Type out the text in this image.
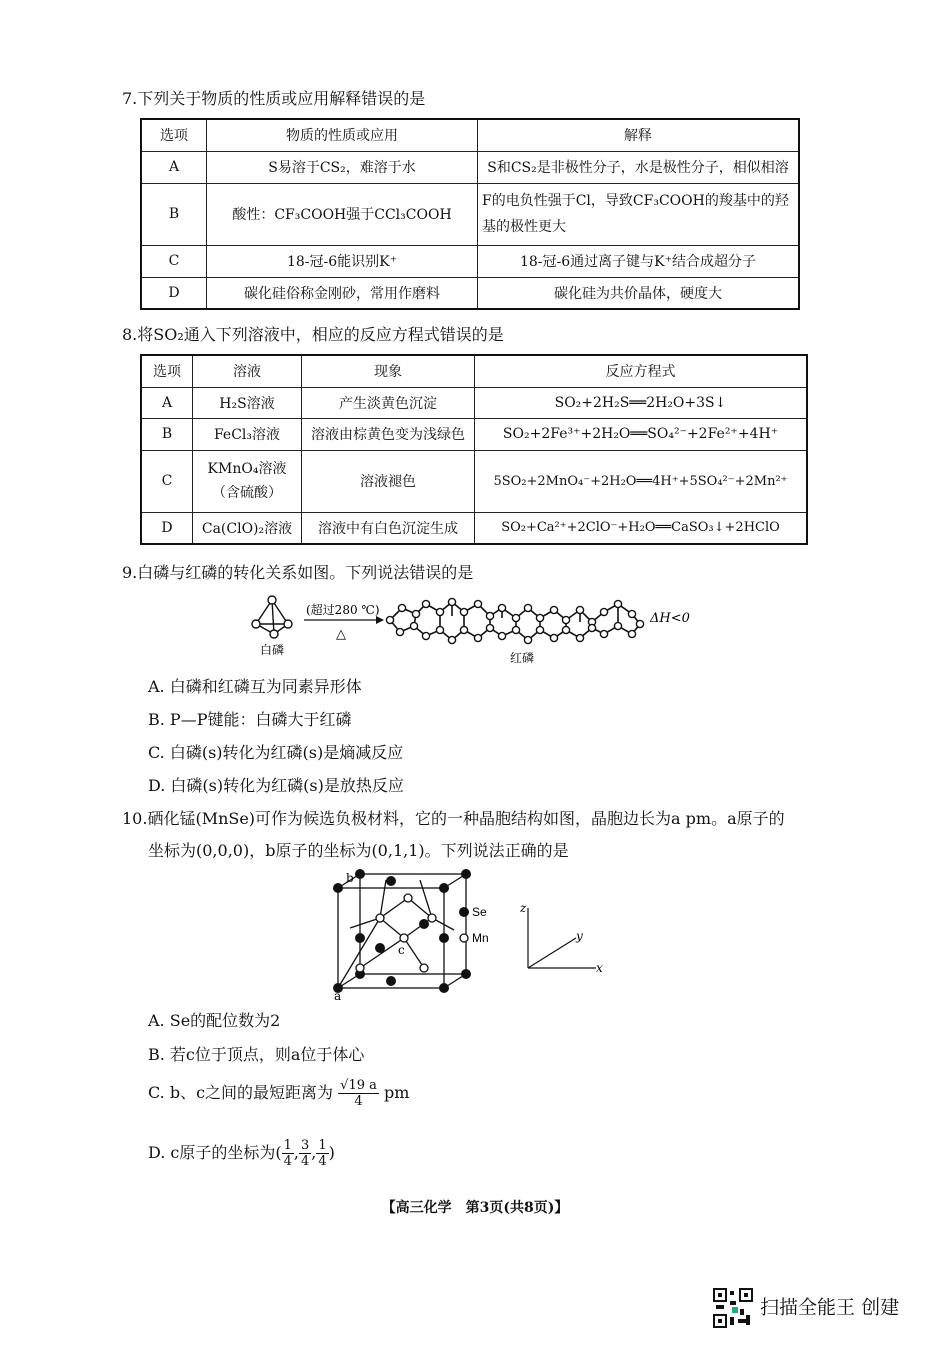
7.下列关于物质的性质或应用解释错误的是
选项	物质的性质或应用	解释
A	S易溶于CS₂，难溶于水	S和CS₂是非极性分子，水是极性分子，相似相溶
B	酸性：CF₃COOH强于CCl₃COOH	F的电负性强于Cl，导致CF₃COOH的羧基中的羟基的极性更大
C	18-冠-6能识别K⁺	18-冠-6通过离子键与K⁺结合成超分子
D	碳化硅俗称金刚砂，常用作磨料	碳化硅为共价晶体，硬度大
8.将SO₂通入下列溶液中，相应的反应方程式错误的是
选项	溶液	现象	反应方程式
A	H₂S溶液	产生淡黄色沉淀	SO₂+2H₂S══2H₂O+3S↓
B	FeCl₃溶液	溶液由棕黄色变为浅绿色	SO₂+2Fe³⁺+2H₂O══SO₄²⁻+2Fe²⁺+4H⁺
C	KMnO₄溶液（含硫酸）	溶液褪色	5SO₂+2MnO₄⁻+2H₂O══4H⁺+5SO₄²⁻+2Mn²⁺
D	Ca(ClO)₂溶液	溶液中有白色沉淀生成	SO₂+Ca²⁺+2ClO⁻+H₂O══CaSO₃↓+2HClO
9.白磷与红磷的转化关系如图。下列说法错误的是
白磷
(超过280 ℃)
△
红磷
ΔH<0
A. 白磷和红磷互为同素异形体
B. P—P键能：白磷大于红磷
C. 白磷(s)转化为红磷(s)是熵减反应
D. 白磷(s)转化为红磷(s)是放热反应
10.硒化锰(MnSe)可作为候选负极材料，它的一种晶胞结构如图，晶胞边长为a pm。a原子的
坐标为(0,0,0)，b原子的坐标为(0,1,1)。下列说法正确的是
b
a
c
Se
Mn
z
y
x
A. Se的配位数为2
B. 若c位于顶点，则a位于体心
C. b、c之间的最短距离为 $\frac{√19 a}{4}$ pm
D. c原子的坐标为( $\frac{1}{4}$ , $\frac{3}{4}$ , $\frac{1}{4}$ )
【高三化学　第3页(共8页)】
扫描全能王 创建
